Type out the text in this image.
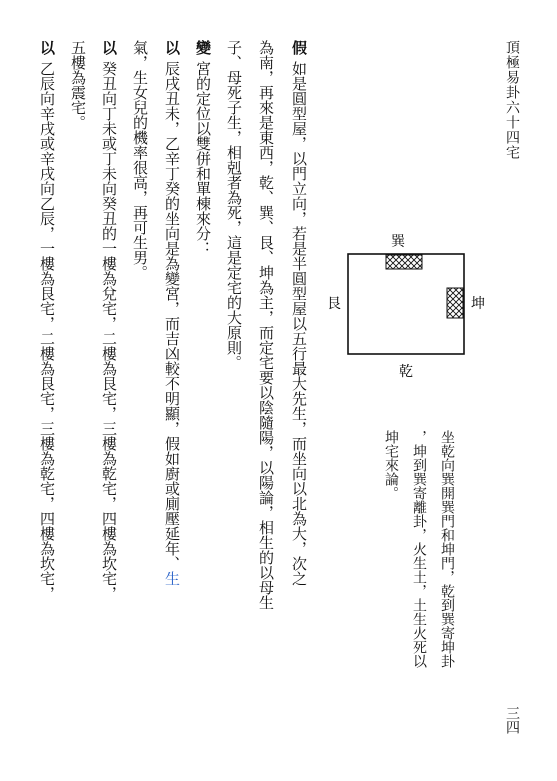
頂極易卦六十四宅
三四
假如是圓型屋，以門立向，若是半圓型屋以五行最大先生，而坐向以北為大，次之
為南，再來是東西，乾、巽、艮、坤為主，而定宅要以陰隨陽，以陽論，相生的以母生
子、母死子生，相剋者為死，這是定宅的大原則。
變宮的定位以雙併和單棟來分：
以辰戌丑未，乙辛丁癸的坐向是為變宮，而吉凶較不明顯，假如廚或廁壓延年、生
氣，生女兒的機率很高，再可生男。
以癸丑向丁未或丁未向癸丑的一樓為兌宅，二樓為艮宅，三樓為乾宅，四樓為坎宅，
五樓為震宅。
以乙辰向辛戌或辛戌向乙辰，一樓為艮宅，二樓為艮宅，三樓為乾宅，四樓為坎宅，	巽
坤
艮
乾
坐乾向巽開巽門和坤門，乾到巽寄坤卦
，坤到巽寄離卦，火生土，土生火死以
坤宅來論。
